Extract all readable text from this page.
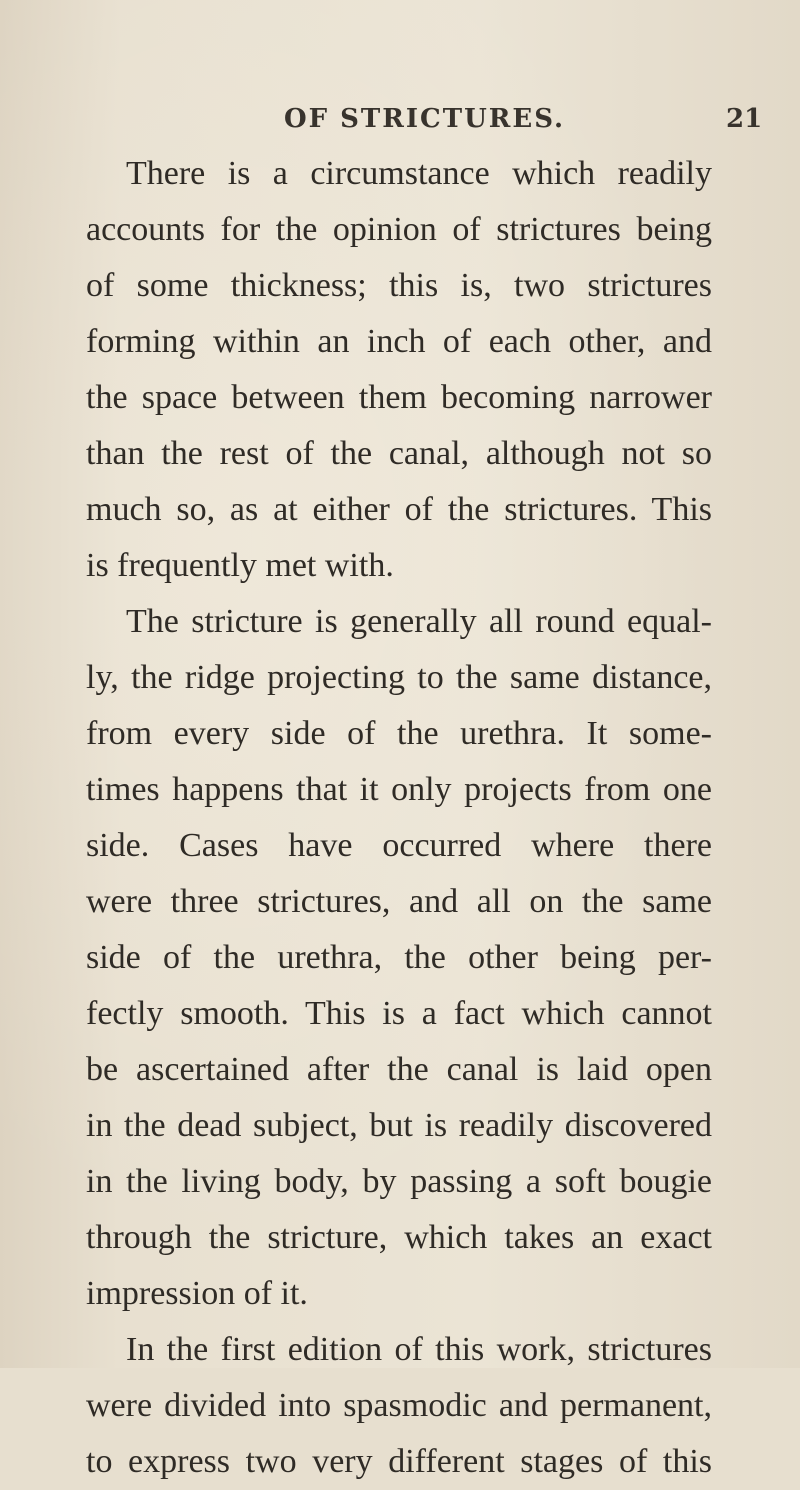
OF STRICTURES.	21
There is a circumstance which readily
accounts for the opinion of strictures being
of some thickness; this is, two strictures
forming within an inch of each other, and
the space between them becoming narrower
than the rest of the canal, although not so
much so, as at either of the strictures. This
is frequently met with.
The stricture is generally all round equal-
ly, the ridge projecting to the same distance,
from every side of the urethra. It some-
times happens that it only projects from one
side. Cases have occurred where there
were three strictures, and all on the same
side of the urethra, the other being per-
fectly smooth. This is a fact which cannot
be ascertained after the canal is laid open
in the dead subject, but is readily discovered
in the living body, by passing a soft bougie
through the stricture, which takes an exact
impression of it.
In the first edition of this work, strictures
were divided into spasmodic and permanent,
to express two very different stages of this
